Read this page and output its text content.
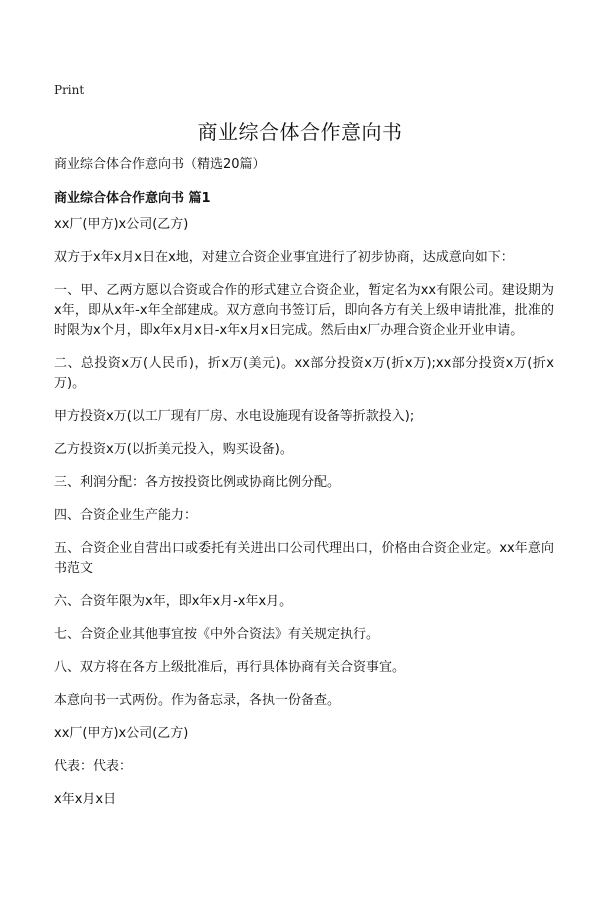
Print
商业综合体合作意向书

商业综合体合作意向书（精选20篇）

商业综合体合作意向书 篇1

xx厂(甲方)x公司(乙方)

双方于x年x月x日在x地，对建立合资企业事宜进行了初步协商，达成意向如下：

一、甲、乙两方愿以合资或合作的形式建立合资企业，暂定名为xx有限公司。建设期为x年，即从x年-x年全部建成。双方意向书签订后，即向各方有关上级申请批准，批准的时限为x个月，即x年x月x日-x年x月x日完成。然后由x厂办理合资企业开业申请。

二、总投资x万(人民币)，折x万(美元)。xx部分投资x万(折x万);xx部分投资x万(折x万)。

甲方投资x万(以工厂现有厂房、水电设施现有设备等折款投入);

乙方投资x万(以折美元投入，购买设备)。

三、利润分配：各方按投资比例或协商比例分配。

四、合资企业生产能力：

五、合资企业自营出口或委托有关进出口公司代理出口，价格由合资企业定。xx年意向书范文

六、合资年限为x年，即x年x月-x年x月。

七、合资企业其他事宜按《中外合资法》有关规定执行。

八、双方将在各方上级批准后，再行具体协商有关合资事宜。

本意向书一式两份。作为备忘录，各执一份备查。

xx厂(甲方)x公司(乙方)

代表：代表：

x年x月x日
